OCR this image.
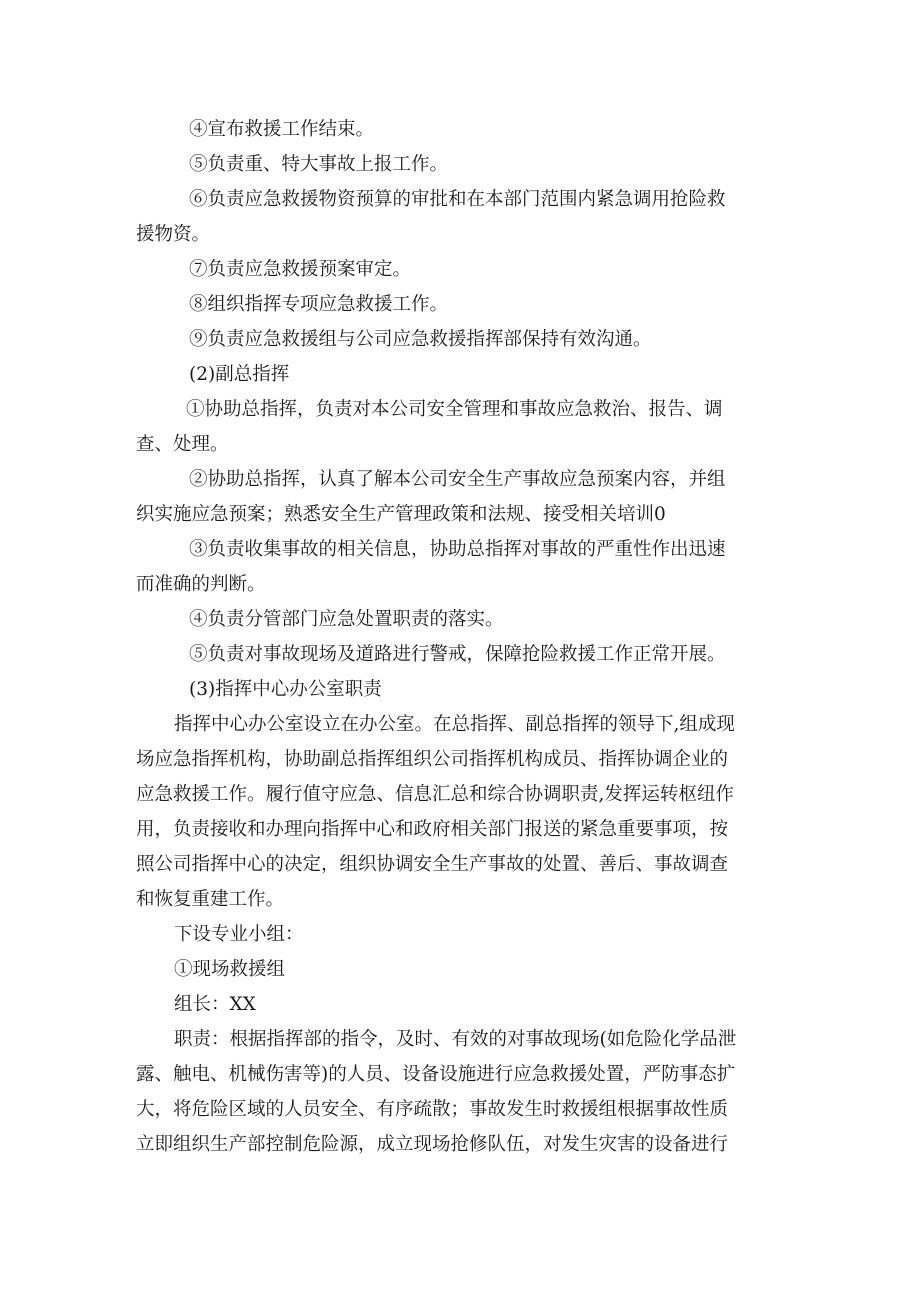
④宣布救援工作结束。

⑤负责重、特大事故上报工作。

⑥负责应急救援物资预算的审批和在本部门范围内紧急调用抢险救

援物资。

⑦负责应急救援预案审定。

⑧组织指挥专项应急救援工作。

⑨负责应急救援组与公司应急救援指挥部保持有效沟通。

(2)副总指挥

①协助总指挥，负责对本公司安全管理和事故应急救治、报告、调

查、处理。

②协助总指挥，认真了解本公司安全生产事故应急预案内容，并组

织实施应急预案；熟悉安全生产管理政策和法规、接受相关培训0

③负责收集事故的相关信息，协助总指挥对事故的严重性作出迅速

而准确的判断。

④负责分管部门应急处置职责的落实。

⑤负责对事故现场及道路进行警戒，保障抢险救援工作正常开展。

(3)指挥中心办公室职责

指挥中心办公室设立在办公室。在总指挥、副总指挥的领导下,组成现

场应急指挥机构，协助副总指挥组织公司指挥机构成员、指挥协调企业的

应急救援工作。履行值守应急、信息汇总和综合协调职责,发挥运转枢纽作

用，负责接收和办理向指挥中心和政府相关部门报送的紧急重要事项，按

照公司指挥中心的决定，组织协调安全生产事故的处置、善后、事故调查

和恢复重建工作。

下设专业小组：

①现场救援组

组长：XX

职责：根据指挥部的指令，及时、有效的对事故现场(如危险化学品泄

露、触电、机械伤害等)的人员、设备设施进行应急救援处置，严防事态扩

大，将危险区域的人员安全、有序疏散；事故发生时救援组根据事故性质

立即组织生产部控制危险源，成立现场抢修队伍，对发生灾害的设备进行
